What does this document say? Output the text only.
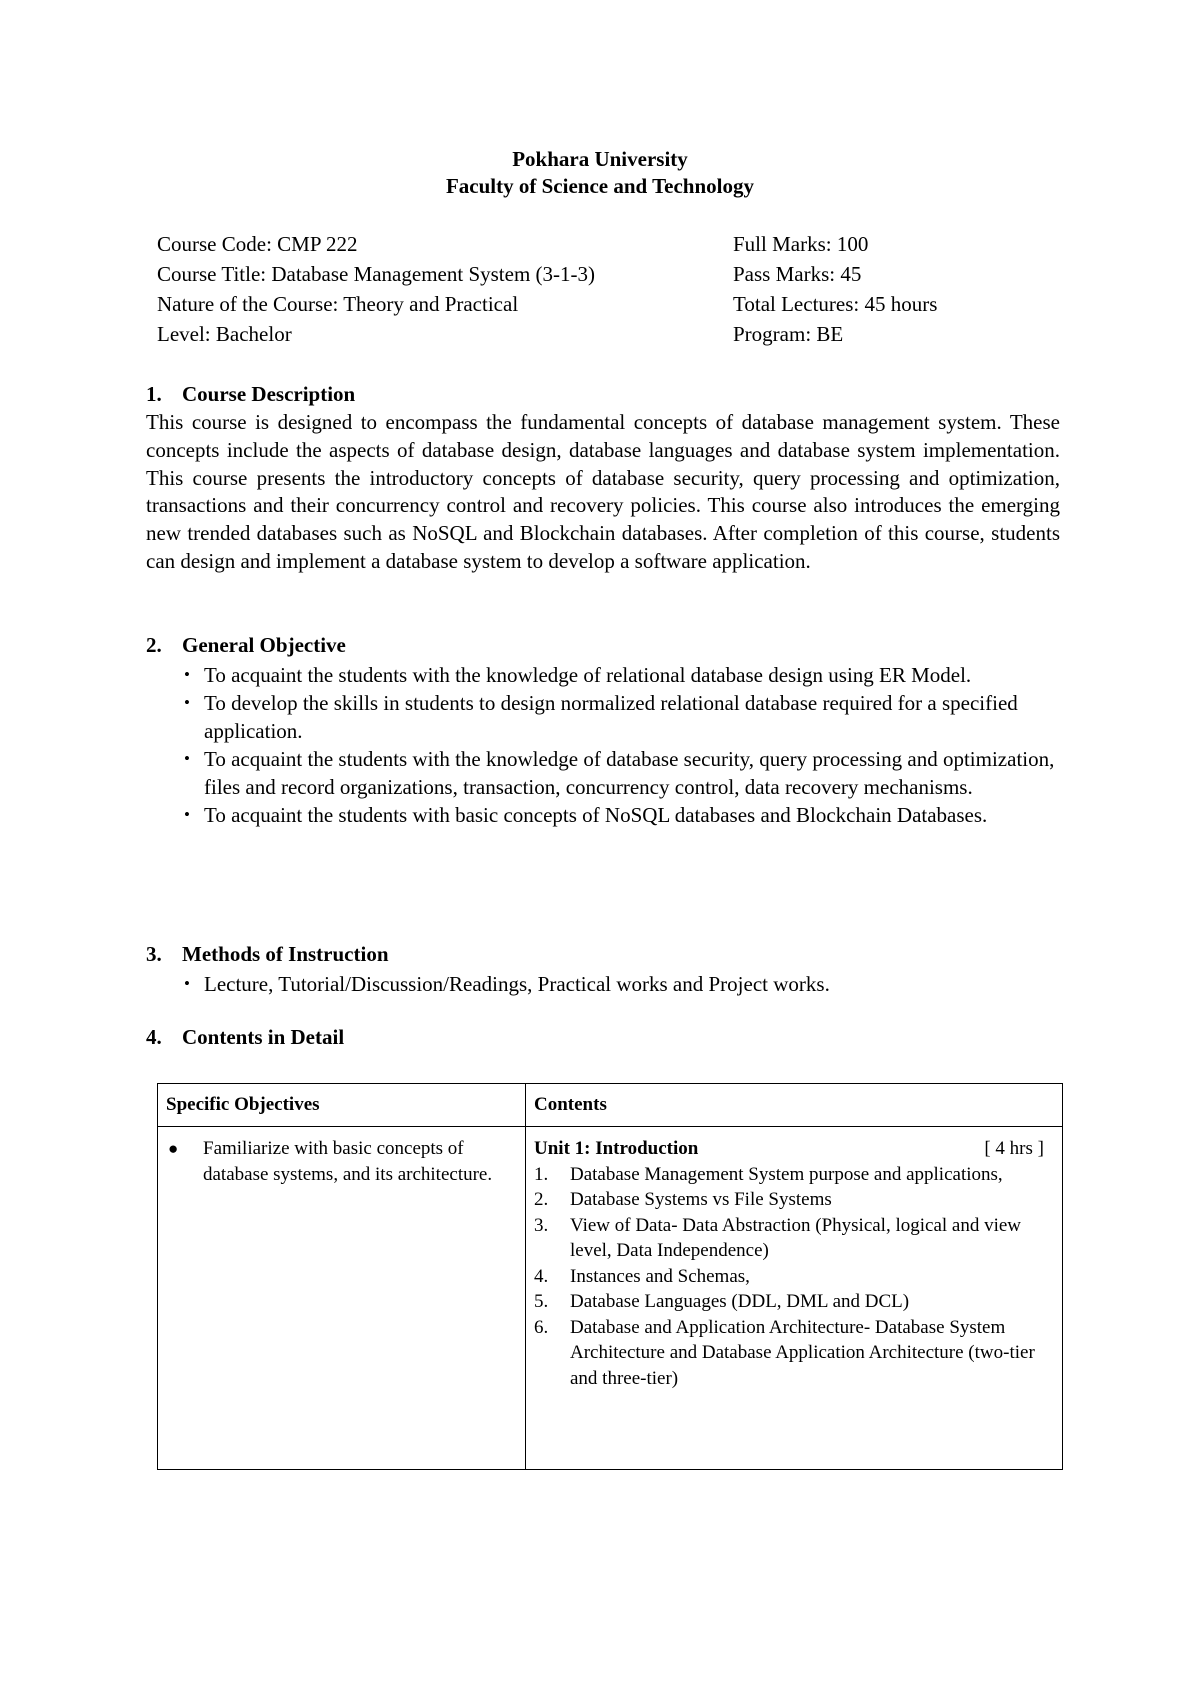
Pokhara University
Faculty of Science and Technology
Course Code: CMP 222	Full Marks: 100
Course Title: Database Management System (3-1-3)	Pass Marks: 45
Nature of the Course: Theory and Practical	Total Lectures: 45 hours
Level: Bachelor	Program: BE
1. Course Description
This course is designed to encompass the fundamental concepts of database management system. These concepts include the aspects of database design, database languages and database system implementation. This course presents the introductory concepts of database security, query processing and optimization, transactions and their concurrency control and recovery policies. This course also introduces the emerging new trended databases such as NoSQL and Blockchain databases. After completion of this course, students can design and implement a database system to develop a software application.
2. General Objective
• To acquaint the students with the knowledge of relational database design using ER Model.
• To develop the skills in students to design normalized relational database required for a specified application.
• To acquaint the students with the knowledge of database security, query processing and optimization, files and record organizations, transaction, concurrency control, data recovery mechanisms.
• To acquaint the students with basic concepts of NoSQL databases and Blockchain Databases.
3. Methods of Instruction
• Lecture, Tutorial/Discussion/Readings, Practical works and Project works.
4. Contents in Detail
Specific Objectives	Contents
● Familiarize with basic concepts of database systems, and its architecture.
Unit 1: Introduction	[ 4 hrs ]
1.	Database Management System purpose and applications,
2.	Database Systems vs File Systems
3.	View of Data- Data Abstraction (Physical, logical and view level, Data Independence)
4.	Instances and Schemas,
5.	Database Languages (DDL, DML and DCL)
6.	Database and Application Architecture- Database System Architecture and Database Application Architecture (two-tier and three-tier)
